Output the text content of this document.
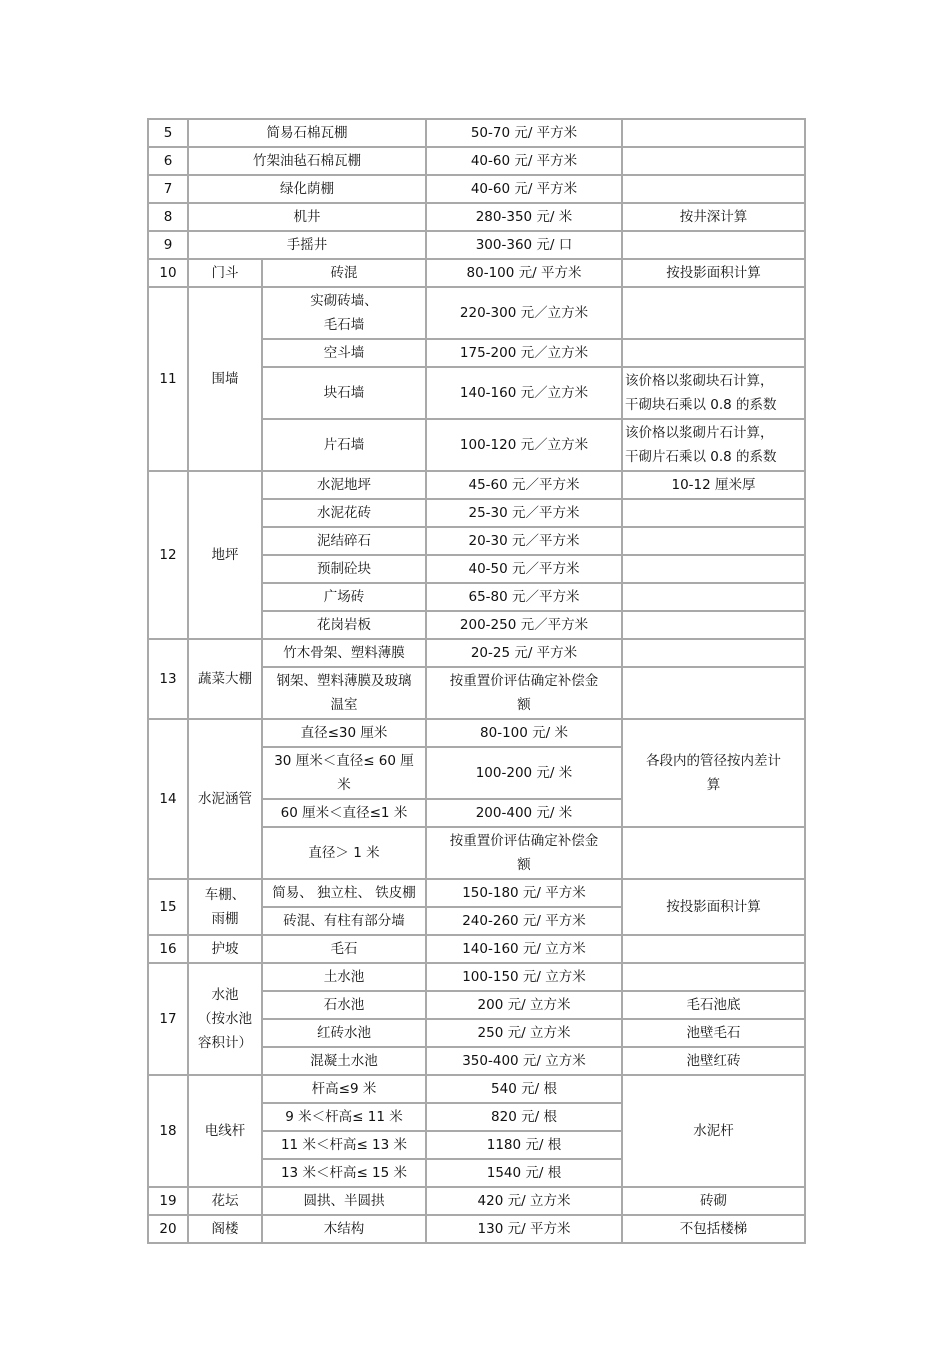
5	简易石棉瓦棚		50-70 元/ 平方米	
6	竹架油毡石棉瓦棚		40-60 元/ 平方米	
7	绿化荫棚		40-60 元/ 平方米	
8	机井		280-350 元/ 米	按井深计算
9	手摇井		300-360 元/ 口	
10	门斗	砖混	80-100 元/ 平方米	按投影面积计算
11	围墙	实砌砖墙、
毛石墙	220-300 元／立方米	
		空斗墙	175-200 元／立方米	
		块石墙	140-160 元／立方米	该价格以浆砌块石计算，
干砌块石乘以 0.8 的系数
		片石墙	100-120 元／立方米	该价格以浆砌片石计算，
干砌片石乘以 0.8 的系数
12	地坪	水泥地坪	45-60 元／平方米	10-12 厘米厚
		水泥花砖	25-30 元／平方米	
		泥结碎石	20-30 元／平方米	
		预制砼块	40-50 元／平方米	
		广场砖	65-80 元／平方米	
		花岗岩板	200-250 元／平方米	
13	蔬菜大棚	竹木骨架、塑料薄膜	20-25 元/ 平方米	
		钢架、塑料薄膜及玻璃
温室	按重置价评估确定补偿金
额	
14	水泥涵管	直径≤30 厘米	80-100 元/ 米	各段内的管径按内差计
算
		30 厘米＜直径≤ 60 厘
米	100-200 元/ 米	
		60 厘米＜直径≤1 米	200-400 元/ 米	
		直径＞ 1 米	按重置价评估确定补偿金
额	
15	车棚、
雨棚	简易、 独立柱、 铁皮棚	150-180 元/ 平方米	按投影面积计算
		砖混、有柱有部分墙	240-260 元/ 平方米	
16	护坡	毛石	140-160 元/ 立方米	
17	水池
（按水池
容积计）	土水池	100-150 元/ 立方米	
		石水池	200 元/ 立方米	毛石池底
		红砖水池	250 元/ 立方米	池壁毛石
		混凝土水池	350-400 元/ 立方米	池壁红砖
18	电线杆	杆高≤9 米	540 元/ 根	水泥杆
		9 米＜杆高≤ 11 米	820 元/ 根	
		11 米＜杆高≤ 13 米	1180 元/ 根	
		13 米＜杆高≤ 15 米	1540 元/ 根	
19	花坛	圆拱、半圆拱	420 元/ 立方米	砖砌
20	阁楼	木结构	130 元/ 平方米	不包括楼梯
